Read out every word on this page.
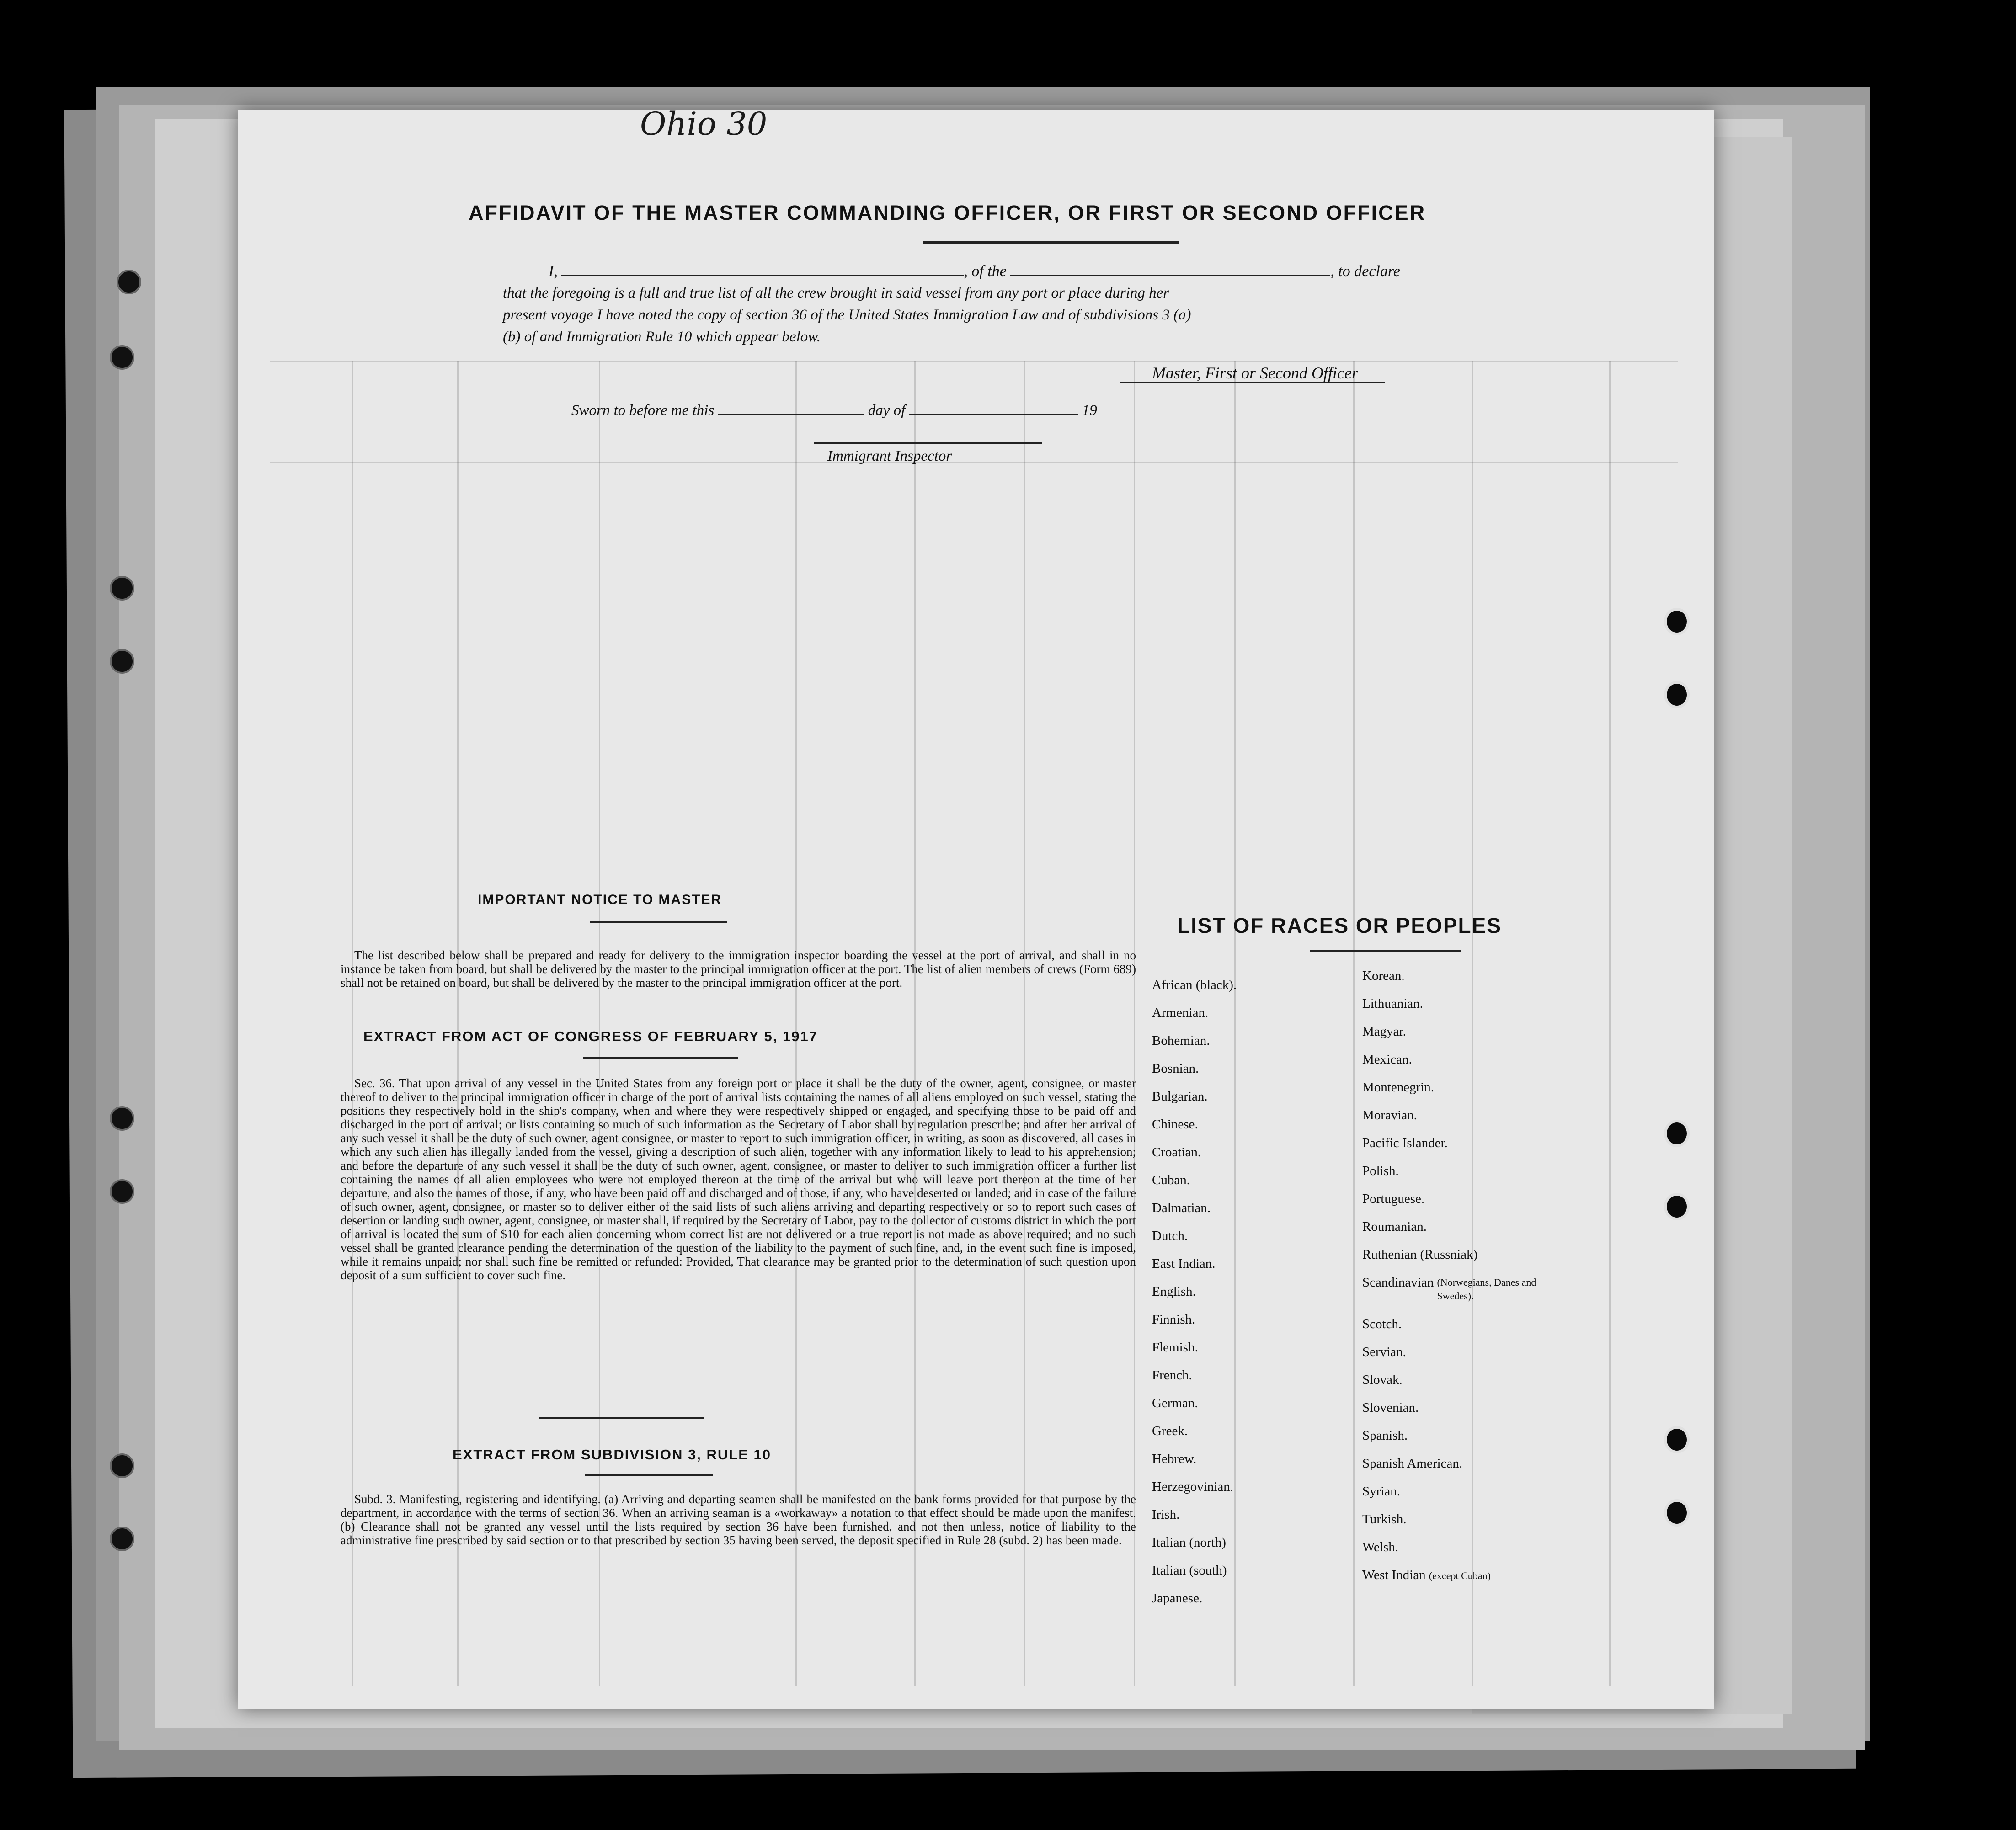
Ohio 30
AFFIDAVIT OF THE MASTER COMMANDING OFFICER, OR FIRST OR SECOND OFFICER
I,	, of the	, to declare
that the foregoing is a full and true list of all the crew brought in said vessel from any port or place during her
present voyage I have noted the copy of section 36 of the United States Immigration Law and of subdivisions 3 (a)
(b) of and Immigration Rule 10 which appear below.
Master, First or Second Officer
Sworn to before me this	day of	19
Immigrant Inspector
IMPORTANT NOTICE TO MASTER
The list described below shall be prepared and ready for delivery to the immigration inspector boarding the vessel at the port of arrival, and shall in no instance be taken from board, but shall be delivered by the master to the principal immigration officer at the port. The list of alien members of crews (Form 689) shall not be retained on board, but shall be delivered by the master to the principal immigration officer at the port.
EXTRACT FROM ACT OF CONGRESS OF FEBRUARY 5, 1917
Sec. 36. That upon arrival of any vessel in the United States from any foreign port or place it shall be the duty of the owner, agent, consignee, or master thereof to deliver to the principal immigration officer in charge of the port of arrival lists containing the names of all aliens employed on such vessel, stating the positions they respectively hold in the ship's company, when and where they were respectively shipped or engaged, and specifying those to be paid off and discharged in the port of arrival; or lists containing so much of such information as the Secretary of Labor shall by regulation prescribe; and after her arrival of any such vessel it shall be the duty of such owner, agent consignee, or master to report to such immigration officer, in writing, as soon as discovered, all cases in which any such alien has illegally landed from the vessel, giving a description of such alien, together with any information likely to lead to his apprehension; and before the departure of any such vessel it shall be the duty of such owner, agent, consignee, or master to deliver to such immigration officer a further list containing the names of all alien employees who were not employed thereon at the time of the arrival but who will leave port thereon at the time of her departure, and also the names of those, if any, who have been paid off and discharged and of those, if any, who have deserted or landed; and in case of the failure of such owner, agent, consignee, or master so to deliver either of the said lists of such aliens arriving and departing respectively or so to report such cases of desertion or landing such owner, agent, consignee, or master shall, if required by the Secretary of Labor, pay to the collector of customs district in which the port of arrival is located the sum of $10 for each alien concerning whom correct list are not delivered or a true report is not made as above required; and no such vessel shall be granted clearance pending the determination of the question of the liability to the payment of such fine, and, in the event such fine is imposed, while it remains unpaid; nor shall such fine be remitted or refunded: Provided, That clearance may be granted prior to the determination of such question upon deposit of a sum sufficient to cover such fine.
EXTRACT FROM SUBDIVISION 3, RULE 10
Subd. 3. Manifesting, registering and identifying. (a) Arriving and departing seamen shall be manifested on the bank forms provided for that purpose by the department, in accordance with the terms of section 36. When an arriving seaman is a «workaway» a notation to that effect should be made upon the manifest. (b) Clearance shall not be granted any vessel until the lists required by section 36 have been furnished, and not then unless, notice of liability to the administrative fine prescribed by said section or to that prescribed by section 35 having been served, the deposit specified in Rule 28 (subd. 2) has been made.
LIST OF RACES OR PEOPLES
African (black).
Armenian.
Bohemian.
Bosnian.
Bulgarian.
Chinese.
Croatian.
Cuban.
Dalmatian.
Dutch.
East Indian.
English.
Finnish.
Flemish.
French.
German.
Greek.
Hebrew.
Herzegovinian.
Irish.
Italian (north)
Italian (south)
Japanese.
Korean.
Lithuanian.
Magyar.
Mexican.
Montenegrin.
Moravian.
Pacific Islander.
Polish.
Portuguese.
Roumanian.
Ruthenian (Russniak)
Scandinavian (Norwegians, Danes and Swedes).
Scotch.
Servian.
Slovak.
Slovenian.
Spanish.
Spanish American.
Syrian.
Turkish.
Welsh.
West Indian (except Cuban)
